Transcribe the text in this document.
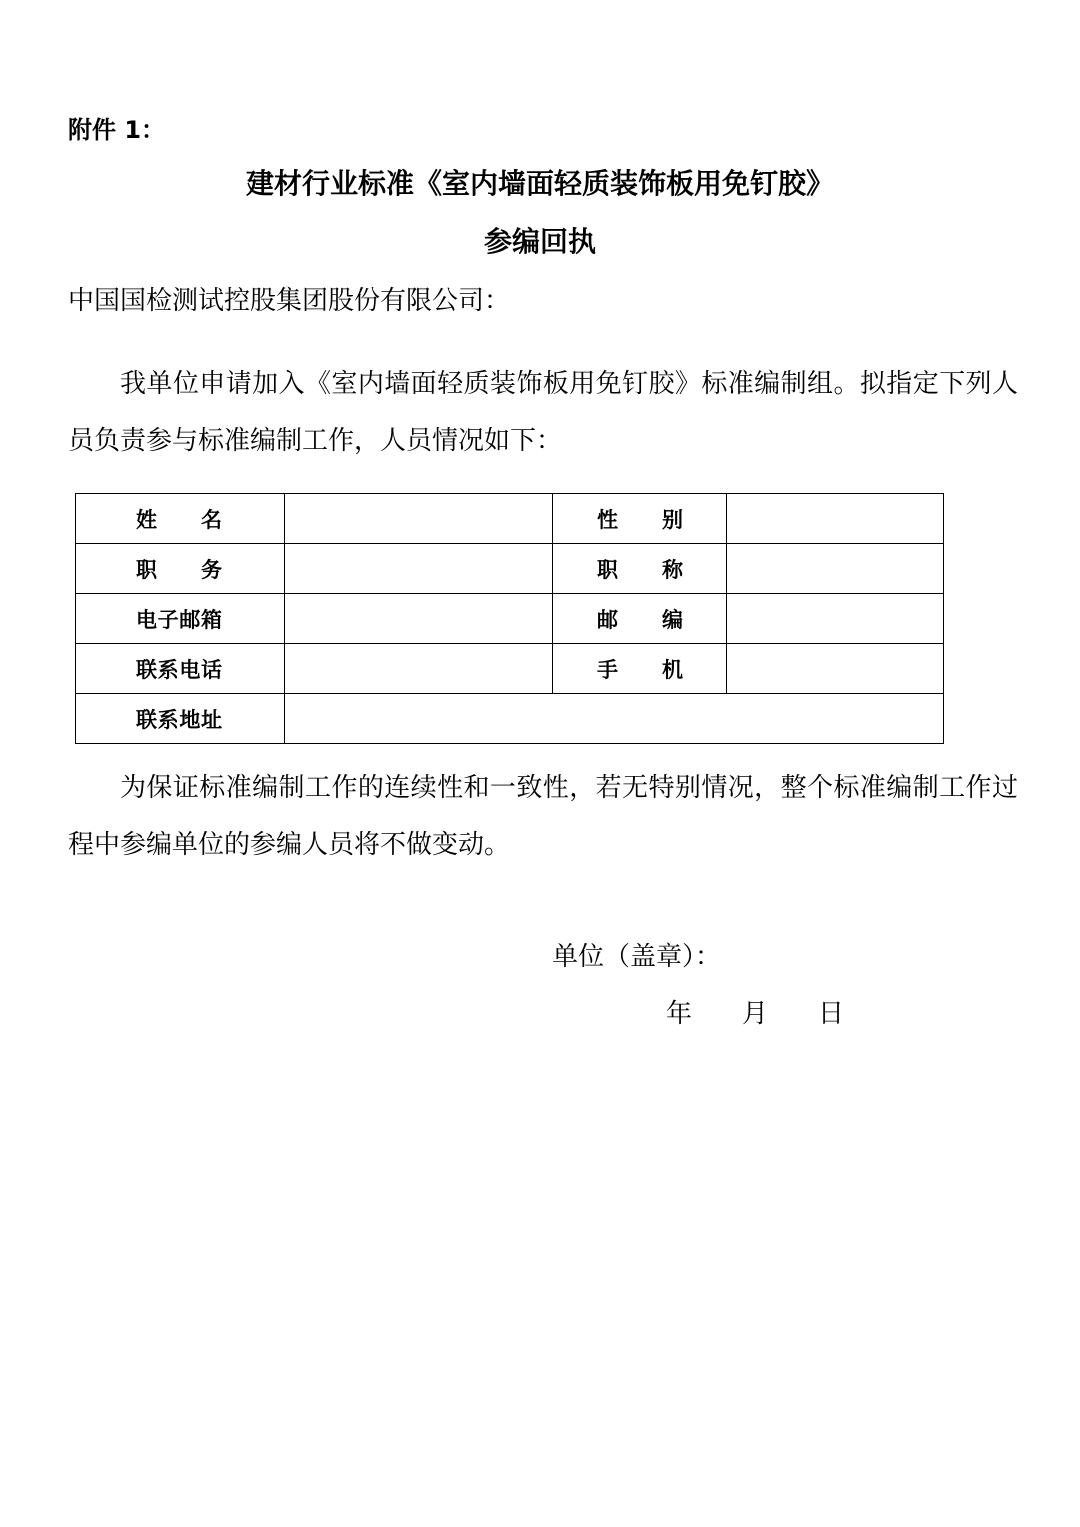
附件 1：
建材行业标准《室内墙面轻质装饰板用免钉胶》
参编回执
中国国检测试控股集团股份有限公司：
我单位申请加入《室内墙面轻质装饰板用免钉胶》标准编制组。拟指定下列人员负责参与标准编制工作，人员情况如下：
姓名		性别	
职务		职称	
电子邮箱		邮编	
联系电话		手机	
联系地址			
为保证标准编制工作的连续性和一致性，若无特别情况，整个标准编制工作过程中参编单位的参编人员将不做变动。
单位（盖章）：
年 月 日
